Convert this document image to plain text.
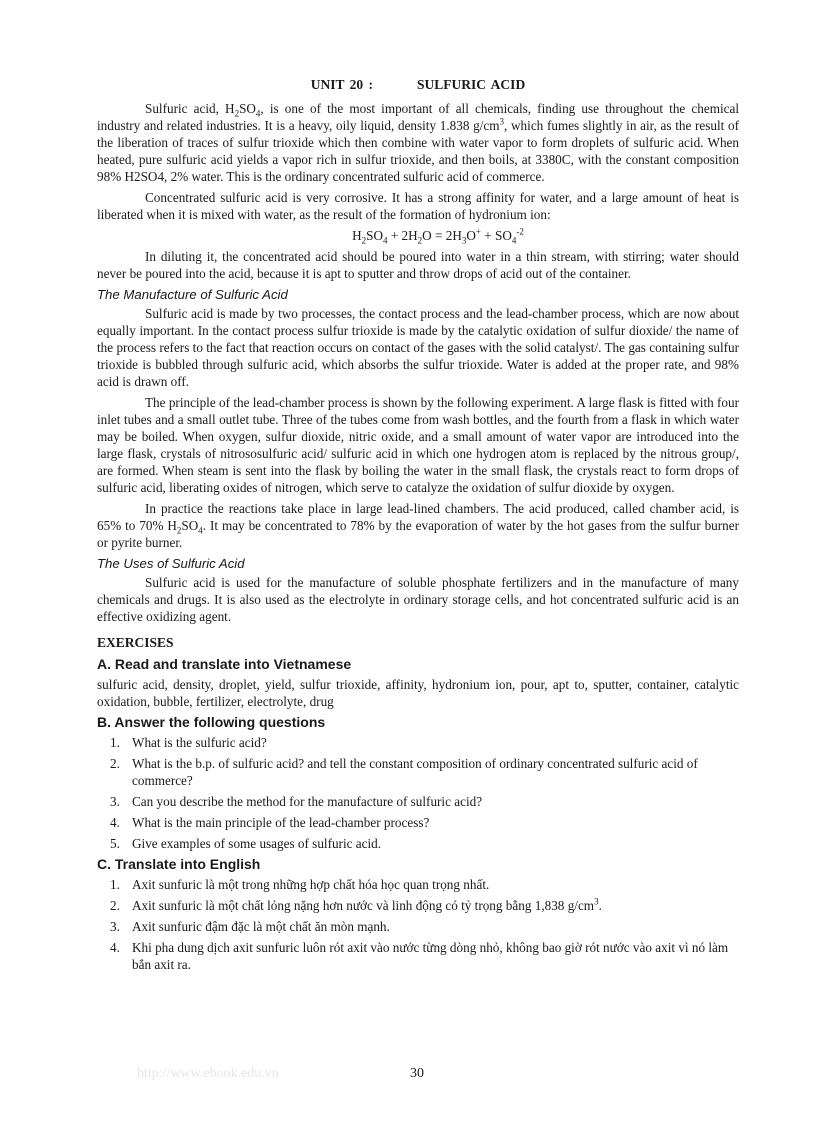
UNIT 20 :	SULFURIC ACID

Sulfuric acid, $H_2SO_4$, is one of the most important of all chemicals, finding use throughout the chemical industry and related industries. It is a heavy, oily liquid, density 1.838 $g/cm^3$, which fumes slightly in air, as the result of the liberation of traces of sulfur trioxide which then combine with water vapor to form droplets of sulfuric acid. When heated, pure sulfuric acid yields a vapor rich in sulfur trioxide, and then boils, at 3380C, with the constant composition 98% H2SO4, 2% water. This is the ordinary concentrated sulfuric acid of commerce.

Concentrated sulfuric acid is very corrosive. It has a strong affinity for water, and a large amount of heat is liberated when it is mixed with water, as the result of the formation of hydronium ion:

$H_2SO_4 + 2H_2O = 2H_3O^+ + SO_4^{-2}$

In diluting it, the concentrated acid should be poured into water in a thin stream, with stirring; water should never be poured into the acid, because it is apt to sputter and throw drops of acid out of the container.

The Manufacture of Sulfuric Acid

Sulfuric acid is made by two processes, the contact process and the lead-chamber process, which are now about equally important. In the contact process sulfur trioxide is made by the catalytic oxidation of sulfur dioxide/ the name of the process refers to the fact that reaction occurs on contact of the gases with the solid catalyst/. The gas containing sulfur trioxide is bubbled through sulfuric acid, which absorbs the sulfur trioxide. Water is added at the proper rate, and 98% acid is drawn off.

The principle of the lead-chamber process is shown by the following experiment. A large flask is fitted with four inlet tubes and a small outlet tube. Three of the tubes come from wash bottles, and the fourth from a flask in which water may be boiled. When oxygen, sulfur dioxide, nitric oxide, and a small amount of water vapor are introduced into the large flask, crystals of nitrososulfuric acid/ sulfuric acid in which one hydrogen atom is replaced by the nitrous group/, are formed. When steam is sent into the flask by boiling the water in the small flask, the crystals react to form drops of sulfuric acid, liberating oxides of nitrogen, which serve to catalyze the oxidation of sulfur dioxide by oxygen.

In practice the reactions take place in large lead-lined chambers. The acid produced, called chamber acid, is 65% to 70% $H_2SO_4$. It may be concentrated to 78% by the evaporation of water by the hot gases from the sulfur burner or pyrite burner.

The Uses of Sulfuric Acid

Sulfuric acid is used for the manufacture of soluble phosphate fertilizers and in the manufacture of many chemicals and drugs. It is also used as the electrolyte in ordinary storage cells, and hot concentrated sulfuric acid is an effective oxidizing agent.

EXERCISES
A. Read and translate into Vietnamese

sulfuric acid, density, droplet, yield, sulfur trioxide, affinity, hydronium ion, pour, apt to, sputter, container, catalytic oxidation, bubble, fertilizer, electrolyte, drug

B. Answer the following questions
1. What is the sulfuric acid?
2. What is the b.p. of sulfuric acid? and tell the constant composition of ordinary concentrated sulfuric acid of commerce?
3. Can you describe the method for the manufacture of sulfuric acid?
4. What is the main principle of the lead-chamber process?
5. Give examples of some usages of sulfuric acid.
C. Translate into English
1. Axit sunfuric là một trong những hợp chất hóa học quan trọng nhất.
2. Axit sunfuric là một chất lỏng nặng hơn nước và linh động có tỷ trọng bằng 1,838 $g/cm^3$.
3. Axit sunfuric đậm đặc là một chất ăn mòn mạnh.
4. Khi pha dung dịch axit sunfuric luôn rót axit vào nước từng dòng nhỏ, không bao giờ rót nước vào axit vì nó làm bắn axit ra.
http://www.ebook.edu.vn	30
